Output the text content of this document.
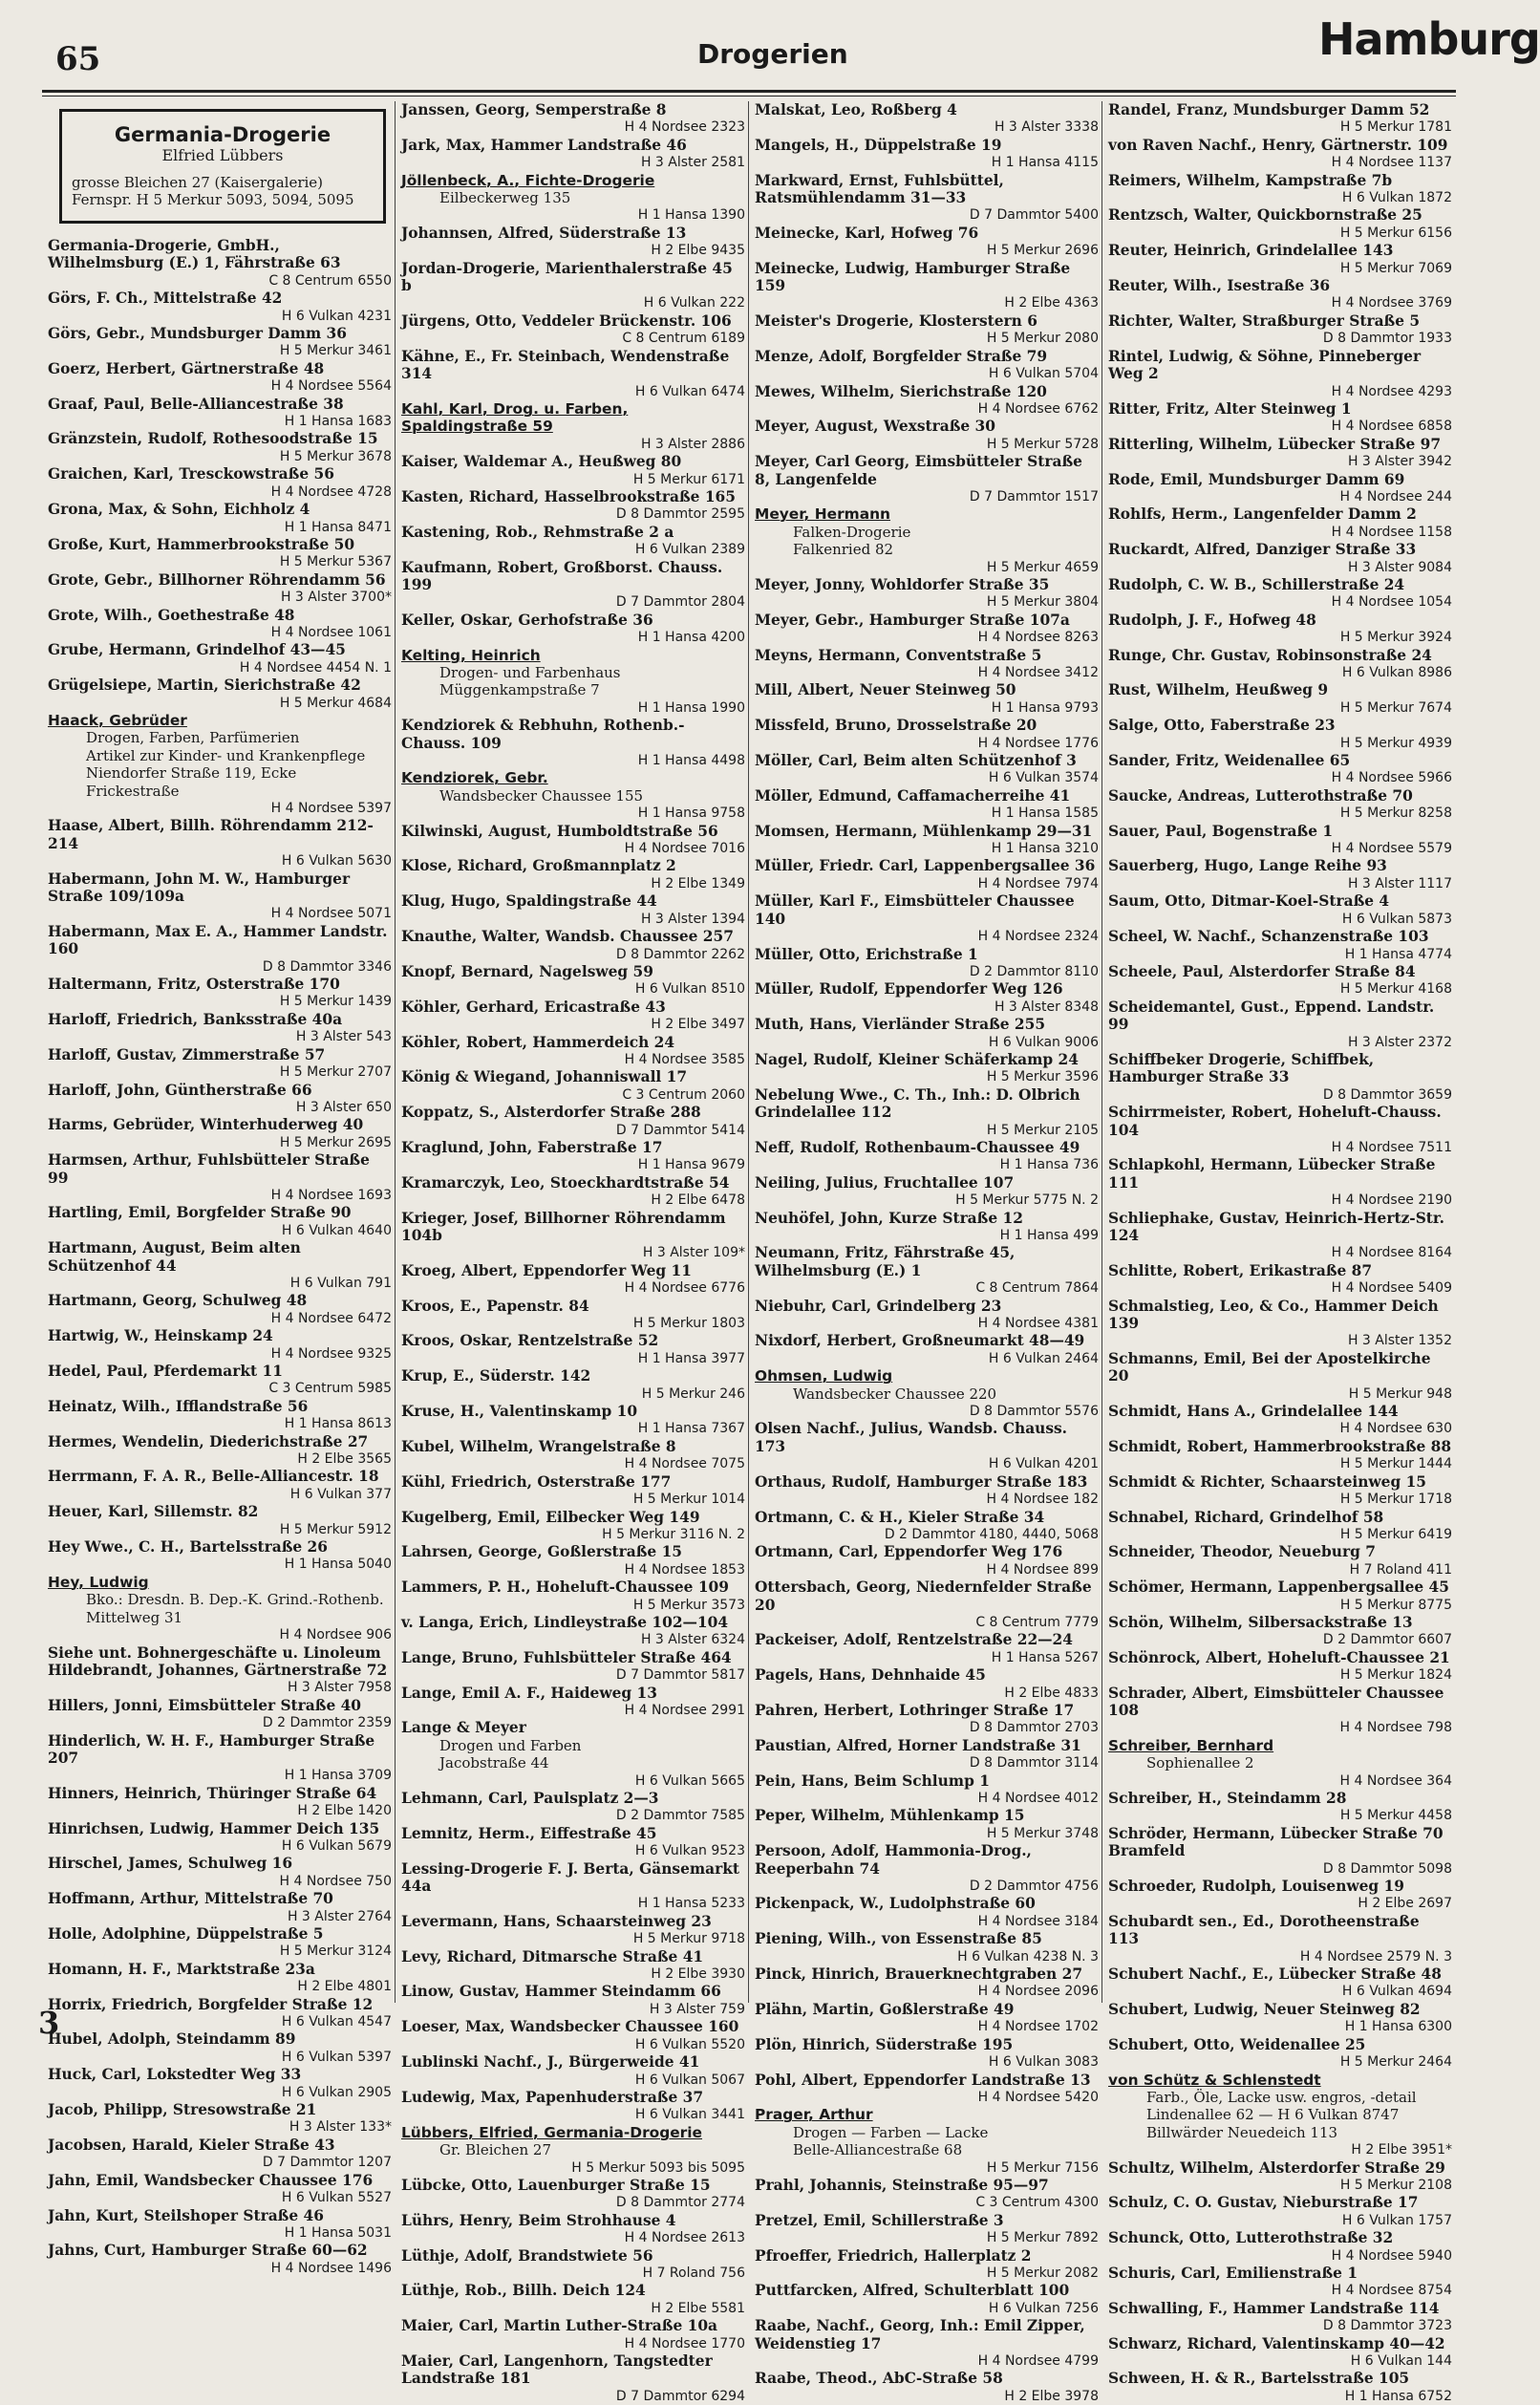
65	Drogerien	Hamburg
Germania-Drogerie
Elfried Lübbers
grosse Bleichen 27 (Kaisergalerie)
Fernspr. H 5 Merkur 5093, 5094, 5095
Germania-Drogerie, GmbH., Wilhelmsburg (E.) 1, Fährstraße 63
C 8 Centrum 6550
Görs, F. Ch., Mittelstraße 42
H 6 Vulkan 4231
Görs, Gebr., Mundsburger Damm 36
H 5 Merkur 3461
Goerz, Herbert, Gärtnerstraße 48
H 4 Nordsee 5564
Graaf, Paul, Belle-Alliancestraße 38
H 1 Hansa 1683
Gränzstein, Rudolf, Rothesoodstraße 15
H 5 Merkur 3678
Graichen, Karl, Tresckowstraße 56
H 4 Nordsee 4728
Grona, Max, & Sohn, Eichholz 4
H 1 Hansa 8471
Große, Kurt, Hammerbrookstraße 50
H 5 Merkur 5367
Grote, Gebr., Billhorner Röhrendamm 56
H 3 Alster 3700*
Grote, Wilh., Goethestraße 48
H 4 Nordsee 1061
Grube, Hermann, Grindelhof 43—45
H 4 Nordsee 4454 N. 1
Grügelsiepe, Martin, Sierichstraße 42
H 5 Merkur 4684
Haack, Gebrüder
Drogen, Farben, Parfümerien
Artikel zur Kinder- und Krankenpflege
Niendorfer Straße 119, Ecke Frickestraße
H 4 Nordsee 5397
Haase, Albert, Billh. Röhrendamm 212-214
H 6 Vulkan 5630
Habermann, John M. W., Hamburger Straße 109/109a
H 4 Nordsee 5071
Habermann, Max E. A., Hammer Landstr. 160
D 8 Dammtor 3346
Haltermann, Fritz, Osterstraße 170
H 5 Merkur 1439
Harloff, Friedrich, Banksstraße 40a
H 3 Alster 543
Harloff, Gustav, Zimmerstraße 57
H 5 Merkur 2707
Harloff, John, Güntherstraße 66
H 3 Alster 650
Harms, Gebrüder, Winterhuderweg 40
H 5 Merkur 2695
Harmsen, Arthur, Fuhlsbütteler Straße 99
H 4 Nordsee 1693
Hartling, Emil, Borgfelder Straße 90
H 6 Vulkan 4640
Hartmann, August, Beim alten Schützenhof 44
H 6 Vulkan 791
Hartmann, Georg, Schulweg 48
H 4 Nordsee 6472
Hartwig, W., Heinskamp 24
H 4 Nordsee 9325
Hedel, Paul, Pferdemarkt 11
C 3 Centrum 5985
Heinatz, Wilh., Ifflandstraße 56
H 1 Hansa 8613
Hermes, Wendelin, Diederichstraße 27
H 2 Elbe 3565
Herrmann, F. A. R., Belle-Alliancestr. 18
H 6 Vulkan 377
Heuer, Karl, Sillemstr. 82
H 5 Merkur 5912
Hey Wwe., C. H., Bartelsstraße 26
H 1 Hansa 5040
Hey, Ludwig
Bko.: Dresdn. B. Dep.-K. Grind.-Rothenb.
Mittelweg 31
H 4 Nordsee 906
Siehe unt. Bohnergeschäfte u. Linoleum
Hildebrandt, Johannes, Gärtnerstraße 72
H 3 Alster 7958
Hillers, Jonni, Eimsbütteler Straße 40
D 2 Dammtor 2359
Hinderlich, W. H. F., Hamburger Straße 207
H 1 Hansa 3709
Hinners, Heinrich, Thüringer Straße 64
H 2 Elbe 1420
Hinrichsen, Ludwig, Hammer Deich 135
H 6 Vulkan 5679
Hirschel, James, Schulweg 16
H 4 Nordsee 750
Hoffmann, Arthur, Mittelstraße 70
H 3 Alster 2764
Holle, Adolphine, Düppelstraße 5
H 5 Merkur 3124
Homann, H. F., Marktstraße 23a
H 2 Elbe 4801
Horrix, Friedrich, Borgfelder Straße 12
H 6 Vulkan 4547
Hubel, Adolph, Steindamm 89
H 6 Vulkan 5397
Huck, Carl, Lokstedter Weg 33
H 6 Vulkan 2905
Jacob, Philipp, Stresowstraße 21
H 3 Alster 133*
Jacobsen, Harald, Kieler Straße 43
D 7 Dammtor 1207
Jahn, Emil, Wandsbecker Chaussee 176
H 6 Vulkan 5527
Jahn, Kurt, Steilshoper Straße 46
H 1 Hansa 5031
Jahns, Curt, Hamburger Straße 60—62
H 4 Nordsee 1496
Janssen, Georg, Semperstraße 8
H 4 Nordsee 2323
Jark, Max, Hammer Landstraße 46
H 3 Alster 2581
Jöllenbeck, A., Fichte-Drogerie
Eilbeckerweg 135
H 1 Hansa 1390
Johannsen, Alfred, Süderstraße 13
H 2 Elbe 9435
Jordan-Drogerie, Marienthalerstraße 45 b
H 6 Vulkan 222
Jürgens, Otto, Veddeler Brückenstr. 106
C 8 Centrum 6189
Kähne, E., Fr. Steinbach, Wendenstraße 314
H 6 Vulkan 6474
Kahl, Karl, Drog. u. Farben, Spaldingstraße 59
H 3 Alster 2886
Kaiser, Waldemar A., Heußweg 80
H 5 Merkur 6171
Kasten, Richard, Hasselbrookstraße 165
D 8 Dammtor 2595
Kastening, Rob., Rehmstraße 2 a
H 6 Vulkan 2389
Kaufmann, Robert, Großborst. Chauss. 199
D 7 Dammtor 2804
Keller, Oskar, Gerhofstraße 36
H 1 Hansa 4200
Kelting, Heinrich
Drogen- und Farbenhaus
Müggenkampstraße 7
H 1 Hansa 1990
Kendziorek & Rebhuhn, Rothenb.-Chauss. 109
H 1 Hansa 4498
Kendziorek, Gebr.
Wandsbecker Chaussee 155
H 1 Hansa 9758
Kilwinski, August, Humboldtstraße 56
H 4 Nordsee 7016
Klose, Richard, Großmannplatz 2
H 2 Elbe 1349
Klug, Hugo, Spaldingstraße 44
H 3 Alster 1394
Knauthe, Walter, Wandsb. Chaussee 257
D 8 Dammtor 2262
Knopf, Bernard, Nagelsweg 59
H 6 Vulkan 8510
Köhler, Gerhard, Ericastraße 43
H 2 Elbe 3497
Köhler, Robert, Hammerdeich 24
H 4 Nordsee 3585
König & Wiegand, Johanniswall 17
C 3 Centrum 2060
Koppatz, S., Alsterdorfer Straße 288
D 7 Dammtor 5414
Kraglund, John, Faberstraße 17
H 1 Hansa 9679
Kramarczyk, Leo, Stoeckhardtstraße 54
H 2 Elbe 6478
Krieger, Josef, Billhorner Röhrendamm 104b
H 3 Alster 109*
Kroeg, Albert, Eppendorfer Weg 11
H 4 Nordsee 6776
Kroos, E., Papenstr. 84
H 5 Merkur 1803
Kroos, Oskar, Rentzelstraße 52
H 1 Hansa 3977
Krup, E., Süderstr. 142
H 5 Merkur 246
Kruse, H., Valentinskamp 10
H 1 Hansa 7367
Kubel, Wilhelm, Wrangelstraße 8
H 4 Nordsee 7075
Kühl, Friedrich, Osterstraße 177
H 5 Merkur 1014
Kugelberg, Emil, Eilbecker Weg 149
H 5 Merkur 3116 N. 2
Lahrsen, George, Goßlerstraße 15
H 4 Nordsee 1853
Lammers, P. H., Hoheluft-Chaussee 109
H 5 Merkur 3573
v. Langa, Erich, Lindleystraße 102—104
H 3 Alster 6324
Lange, Bruno, Fuhlsbütteler Straße 464
D 7 Dammtor 5817
Lange, Emil A. F., Haideweg 13
H 4 Nordsee 2991
Lange & Meyer
Drogen und Farben
Jacobstraße 44
H 6 Vulkan 5665
Lehmann, Carl, Paulsplatz 2—3
D 2 Dammtor 7585
Lemnitz, Herm., Eiffestraße 45
H 6 Vulkan 9523
Lessing-Drogerie F. J. Berta, Gänsemarkt 44a
H 1 Hansa 5233
Levermann, Hans, Schaarsteinweg 23
H 5 Merkur 9718
Levy, Richard, Ditmarsche Straße 41
H 2 Elbe 3930
Linow, Gustav, Hammer Steindamm 66
H 3 Alster 759
Loeser, Max, Wandsbecker Chaussee 160
H 6 Vulkan 5520
Lublinski Nachf., J., Bürgerweide 41
H 6 Vulkan 5067
Ludewig, Max, Papenhuderstraße 37
H 6 Vulkan 3441
Lübbers, Elfried, Germania-Drogerie
Gr. Bleichen 27
H 5 Merkur 5093 bis 5095
Lübcke, Otto, Lauenburger Straße 15
D 8 Dammtor 2774
Lührs, Henry, Beim Strohhause 4
H 4 Nordsee 2613
Lüthje, Adolf, Brandstwiete 56
H 7 Roland 756
Lüthje, Rob., Billh. Deich 124
H 2 Elbe 5581
Maier, Carl, Martin Luther-Straße 10a
H 4 Nordsee 1770
Maier, Carl, Langenhorn, Tangstedter Landstraße 181
D 7 Dammtor 6294
Malskat, Leo, Roßberg 4
H 3 Alster 3338
Mangels, H., Düppelstraße 19
H 1 Hansa 4115
Markward, Ernst, Fuhlsbüttel, Ratsmühlendamm 31—33
D 7 Dammtor 5400
Meinecke, Karl, Hofweg 76
H 5 Merkur 2696
Meinecke, Ludwig, Hamburger Straße 159
H 2 Elbe 4363
Meister's Drogerie, Klosterstern 6
H 5 Merkur 2080
Menze, Adolf, Borgfelder Straße 79
H 6 Vulkan 5704
Mewes, Wilhelm, Sierichstraße 120
H 4 Nordsee 6762
Meyer, August, Wexstraße 30
H 5 Merkur 5728
Meyer, Carl Georg, Eimsbütteler Straße 8, Langenfelde
D 7 Dammtor 1517
Meyer, Hermann
Falken-Drogerie
Falkenried 82
H 5 Merkur 4659
Meyer, Jonny, Wohldorfer Straße 35
H 5 Merkur 3804
Meyer, Gebr., Hamburger Straße 107a
H 4 Nordsee 8263
Meyns, Hermann, Conventstraße 5
H 4 Nordsee 3412
Mill, Albert, Neuer Steinweg 50
H 1 Hansa 9793
Missfeld, Bruno, Drosselstraße 20
H 4 Nordsee 1776
Möller, Carl, Beim alten Schützenhof 3
H 6 Vulkan 3574
Möller, Edmund, Caffamacherreihe 41
H 1 Hansa 1585
Momsen, Hermann, Mühlenkamp 29—31
H 1 Hansa 3210
Müller, Friedr. Carl, Lappenbergsallee 36
H 4 Nordsee 7974
Müller, Karl F., Eimsbütteler Chaussee 140
H 4 Nordsee 2324
Müller, Otto, Erichstraße 1
D 2 Dammtor 8110
Müller, Rudolf, Eppendorfer Weg 126
H 3 Alster 8348
Muth, Hans, Vierländer Straße 255
H 6 Vulkan 9006
Nagel, Rudolf, Kleiner Schäferkamp 24
H 5 Merkur 3596
Nebelung Wwe., C. Th., Inh.: D. Olbrich Grindelallee 112
H 5 Merkur 2105
Neff, Rudolf, Rothenbaum-Chaussee 49
H 1 Hansa 736
Neiling, Julius, Fruchtallee 107
H 5 Merkur 5775 N. 2
Neuhöfel, John, Kurze Straße 12
H 1 Hansa 499
Neumann, Fritz, Fährstraße 45, Wilhelmsburg (E.) 1
C 8 Centrum 7864
Niebuhr, Carl, Grindelberg 23
H 4 Nordsee 4381
Nixdorf, Herbert, Großneumarkt 48—49
H 6 Vulkan 2464
Ohmsen, Ludwig
Wandsbecker Chaussee 220
D 8 Dammtor 5576
Olsen Nachf., Julius, Wandsb. Chauss. 173
H 6 Vulkan 4201
Orthaus, Rudolf, Hamburger Straße 183
H 4 Nordsee 182
Ortmann, C. & H., Kieler Straße 34
D 2 Dammtor 4180, 4440, 5068
Ortmann, Carl, Eppendorfer Weg 176
H 4 Nordsee 899
Ottersbach, Georg, Niedernfelder Straße 20
C 8 Centrum 7779
Packeiser, Adolf, Rentzelstraße 22—24
H 1 Hansa 5267
Pagels, Hans, Dehnhaide 45
H 2 Elbe 4833
Pahren, Herbert, Lothringer Straße 17
D 8 Dammtor 2703
Paustian, Alfred, Horner Landstraße 31
D 8 Dammtor 3114
Pein, Hans, Beim Schlump 1
H 4 Nordsee 4012
Peper, Wilhelm, Mühlenkamp 15
H 5 Merkur 3748
Persoon, Adolf, Hammonia-Drog., Reeperbahn 74
D 2 Dammtor 4756
Pickenpack, W., Ludolphstraße 60
H 4 Nordsee 3184
Piening, Wilh., von Essenstraße 85
H 6 Vulkan 4238 N. 3
Pinck, Hinrich, Brauerknechtgraben 27
H 4 Nordsee 2096
Plähn, Martin, Goßlerstraße 49
H 4 Nordsee 1702
Plön, Hinrich, Süderstraße 195
H 6 Vulkan 3083
Pohl, Albert, Eppendorfer Landstraße 13
H 4 Nordsee 5420
Prager, Arthur
Drogen — Farben — Lacke
Belle-Alliancestraße 68
H 5 Merkur 7156
Prahl, Johannis, Steinstraße 95—97
C 3 Centrum 4300
Pretzel, Emil, Schillerstraße 3
H 5 Merkur 7892
Pfroeffer, Friedrich, Hallerplatz 2
H 5 Merkur 2082
Puttfarcken, Alfred, Schulterblatt 100
H 6 Vulkan 7256
Raabe, Nachf., Georg, Inh.: Emil Zipper, Weidenstieg 17
H 4 Nordsee 4799
Raabe, Theod., AbC-Straße 58
H 2 Elbe 3978
Randel, Franz, Mundsburger Damm 52
H 5 Merkur 1781
von Raven Nachf., Henry, Gärtnerstr. 109
H 4 Nordsee 1137
Reimers, Wilhelm, Kampstraße 7b
H 6 Vulkan 1872
Rentzsch, Walter, Quickbornstraße 25
H 5 Merkur 6156
Reuter, Heinrich, Grindelallee 143
H 5 Merkur 7069
Reuter, Wilh., Isestraße 36
H 4 Nordsee 3769
Richter, Walter, Straßburger Straße 5
D 8 Dammtor 1933
Rintel, Ludwig, & Söhne, Pinneberger Weg 2
H 4 Nordsee 4293
Ritter, Fritz, Alter Steinweg 1
H 4 Nordsee 6858
Ritterling, Wilhelm, Lübecker Straße 97
H 3 Alster 3942
Rode, Emil, Mundsburger Damm 69
H 4 Nordsee 244
Rohlfs, Herm., Langenfelder Damm 2
H 4 Nordsee 1158
Ruckardt, Alfred, Danziger Straße 33
H 3 Alster 9084
Rudolph, C. W. B., Schillerstraße 24
H 4 Nordsee 1054
Rudolph, J. F., Hofweg 48
H 5 Merkur 3924
Runge, Chr. Gustav, Robinsonstraße 24
H 6 Vulkan 8986
Rust, Wilhelm, Heußweg 9
H 5 Merkur 7674
Salge, Otto, Faberstraße 23
H 5 Merkur 4939
Sander, Fritz, Weidenallee 65
H 4 Nordsee 5966
Saucke, Andreas, Lutterothstraße 70
H 5 Merkur 8258
Sauer, Paul, Bogenstraße 1
H 4 Nordsee 5579
Sauerberg, Hugo, Lange Reihe 93
H 3 Alster 1117
Saum, Otto, Ditmar-Koel-Straße 4
H 6 Vulkan 5873
Scheel, W. Nachf., Schanzenstraße 103
H 1 Hansa 4774
Scheele, Paul, Alsterdorfer Straße 84
H 5 Merkur 4168
Scheidemantel, Gust., Eppend. Landstr. 99
H 3 Alster 2372
Schiffbeker Drogerie, Schiffbek, Hamburger Straße 33
D 8 Dammtor 3659
Schirrmeister, Robert, Hoheluft-Chauss. 104
H 4 Nordsee 7511
Schlapkohl, Hermann, Lübecker Straße 111
H 4 Nordsee 2190
Schliephake, Gustav, Heinrich-Hertz-Str. 124
H 4 Nordsee 8164
Schlitte, Robert, Erikastraße 87
H 4 Nordsee 5409
Schmalstieg, Leo, & Co., Hammer Deich 139
H 3 Alster 1352
Schmanns, Emil, Bei der Apostelkirche 20
H 5 Merkur 948
Schmidt, Hans A., Grindelallee 144
H 4 Nordsee 630
Schmidt, Robert, Hammerbrookstraße 88
H 5 Merkur 1444
Schmidt & Richter, Schaarsteinweg 15
H 5 Merkur 1718
Schnabel, Richard, Grindelhof 58
H 5 Merkur 6419
Schneider, Theodor, Neueburg 7
H 7 Roland 411
Schömer, Hermann, Lappenbergsallee 45
H 5 Merkur 8775
Schön, Wilhelm, Silbersackstraße 13
D 2 Dammtor 6607
Schönrock, Albert, Hoheluft-Chaussee 21
H 5 Merkur 1824
Schrader, Albert, Eimsbütteler Chaussee 108
H 4 Nordsee 798
Schreiber, Bernhard
Sophienallee 2
H 4 Nordsee 364
Schreiber, H., Steindamm 28
H 5 Merkur 4458
Schröder, Hermann, Lübecker Straße 70 Bramfeld
D 8 Dammtor 5098
Schroeder, Rudolph, Louisenweg 19
H 2 Elbe 2697
Schubardt sen., Ed., Dorotheenstraße 113
H 4 Nordsee 2579 N. 3
Schubert Nachf., E., Lübecker Straße 48
H 6 Vulkan 4694
Schubert, Ludwig, Neuer Steinweg 82
H 1 Hansa 6300
Schubert, Otto, Weidenallee 25
H 5 Merkur 2464
von Schütz & Schlenstedt
Farb., Öle, Lacke usw. engros, -detail
Lindenallee 62 — H 6 Vulkan 8747
Billwärder Neuedeich 113
H 2 Elbe 3951*
Schultz, Wilhelm, Alsterdorfer Straße 29
H 5 Merkur 2108
Schulz, C. O. Gustav, Nieburstraße 17
H 6 Vulkan 1757
Schunck, Otto, Lutterothstraße 32
H 4 Nordsee 5940
Schuris, Carl, Emilienstraße 1
H 4 Nordsee 8754
Schwalling, F., Hammer Landstraße 114
D 8 Dammtor 3723
Schwarz, Richard, Valentinskamp 40—42
H 6 Vulkan 144
Schween, H. & R., Bartelsstraße 105
H 1 Hansa 6752
3
